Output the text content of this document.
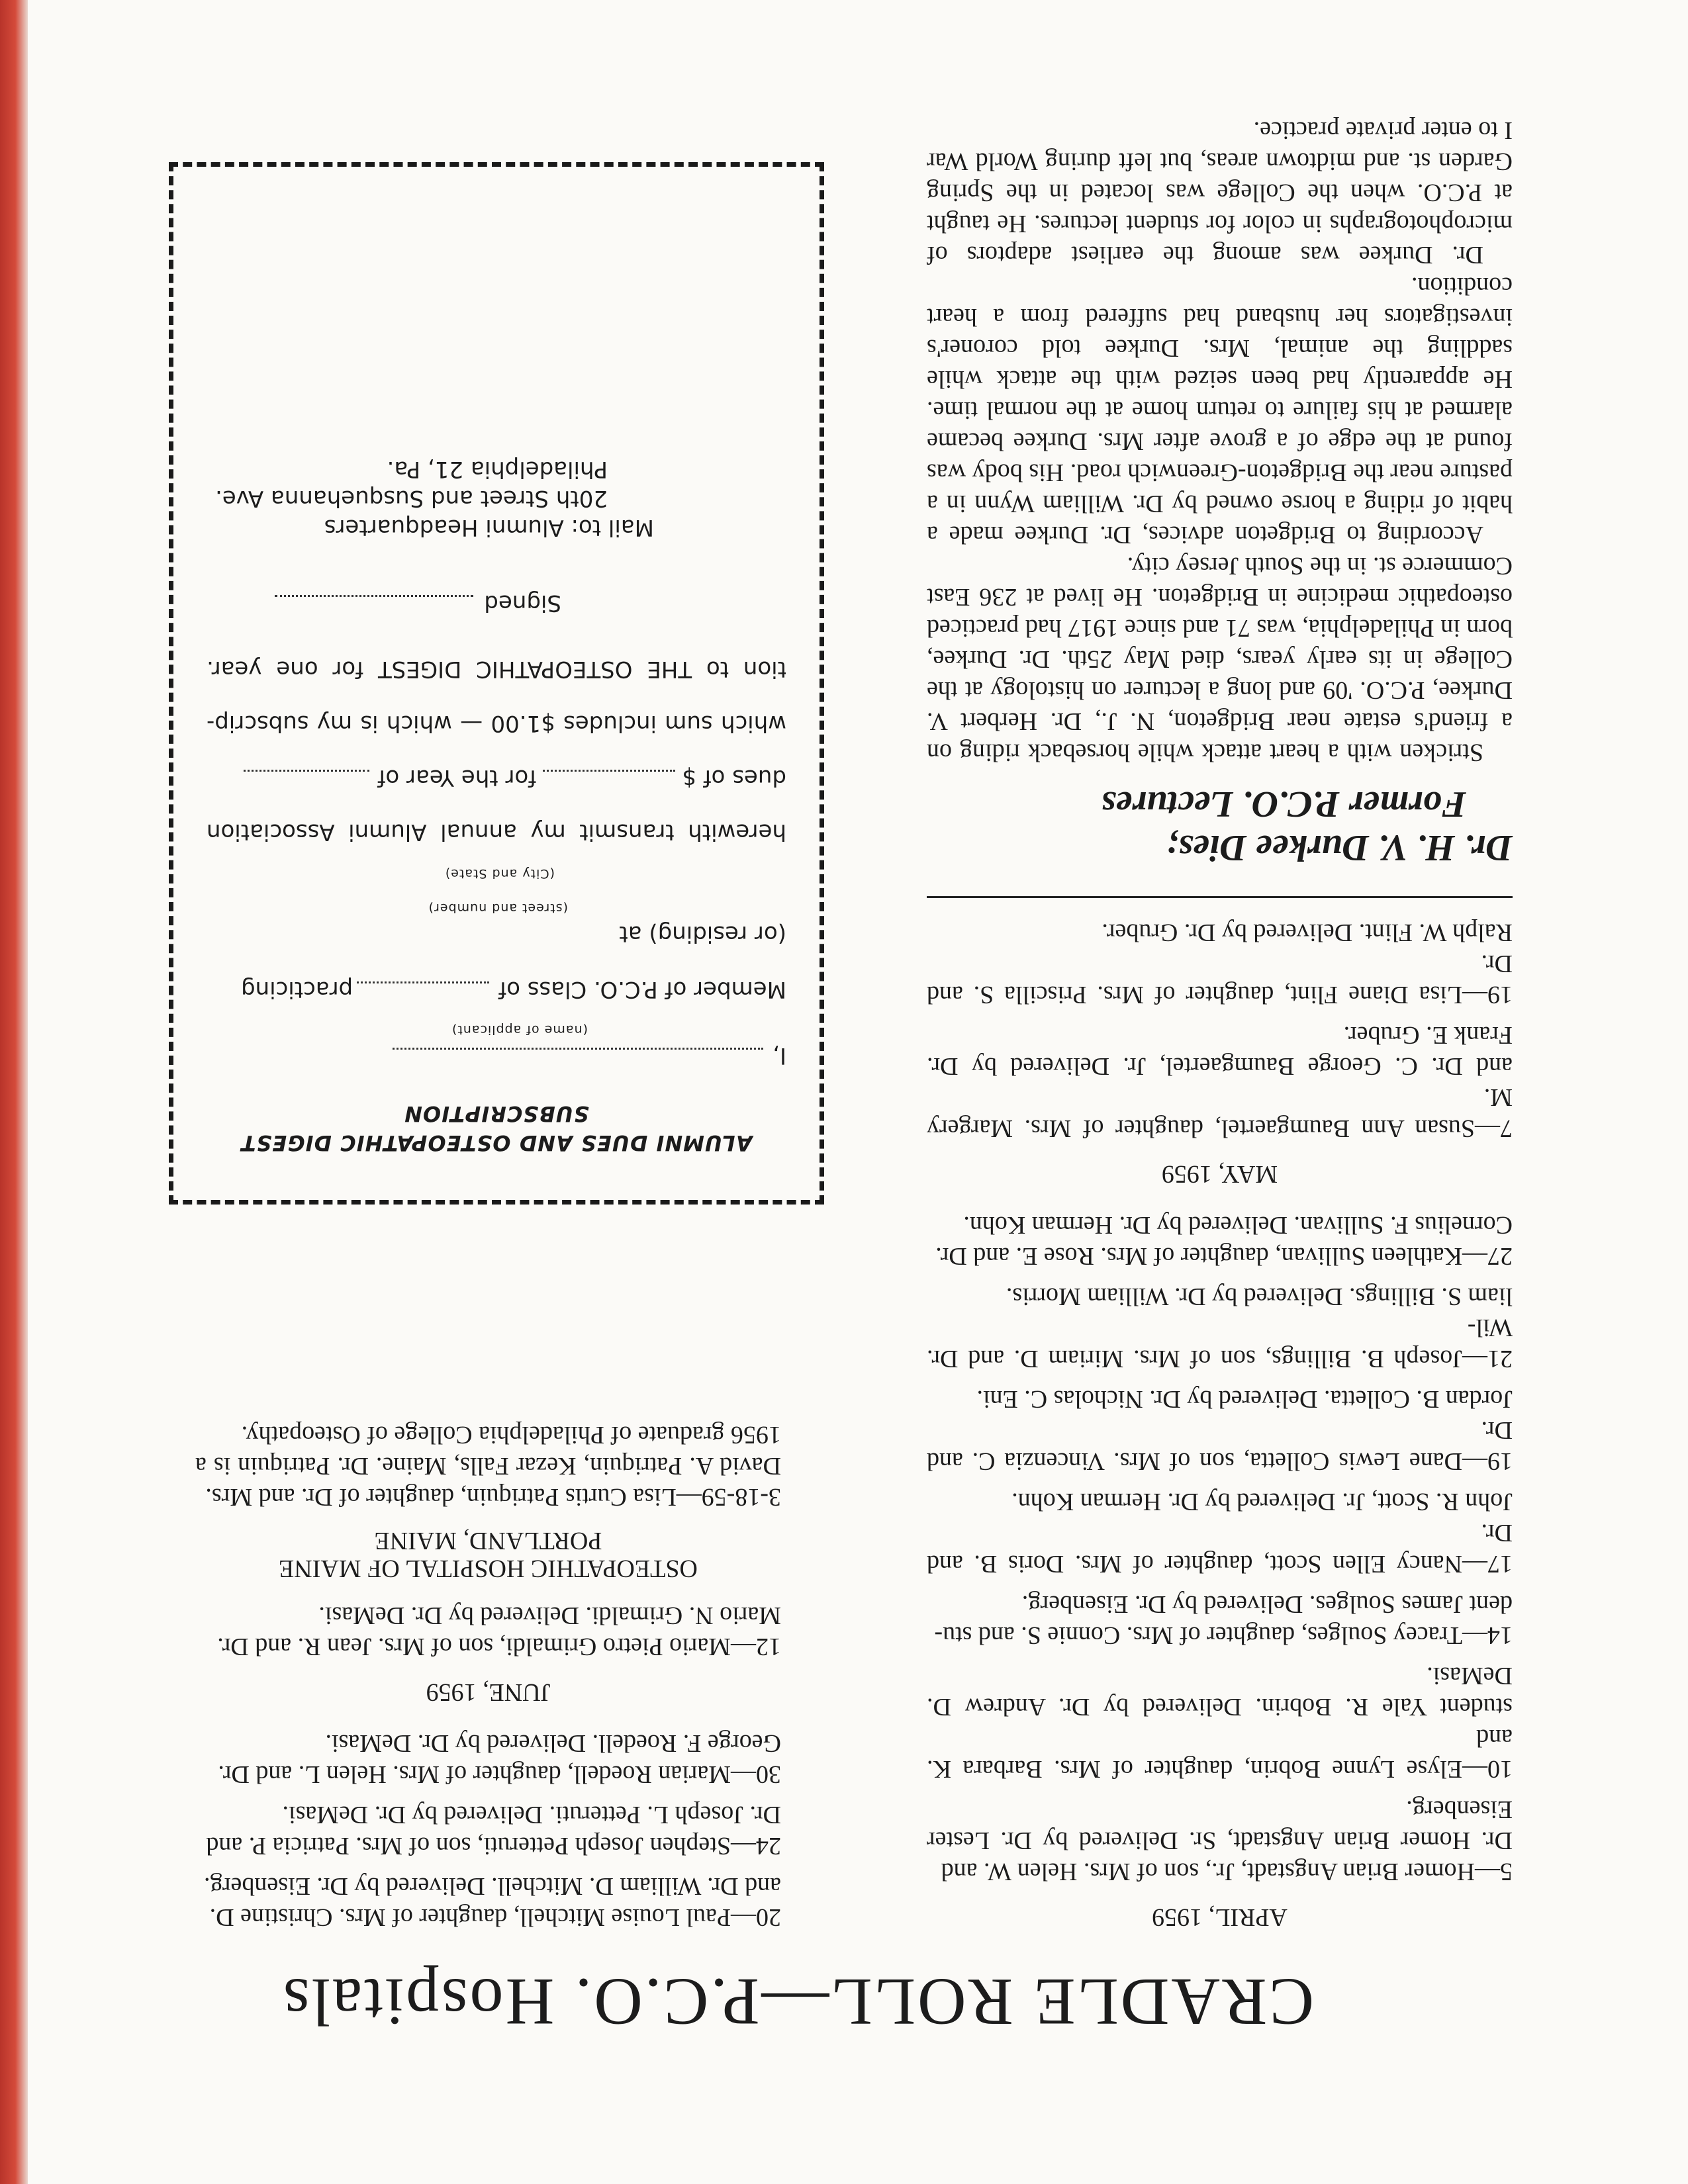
CRADLE ROLL—P.C.O. Hospitals
APRIL, 1959
5—Homer Brian Angstadt, Jr., son of Mrs. Helen W. and
Dr. Homer Brian Angstadt, Sr. Delivered by Dr. Lester Eisenberg.
10—Elyse Lynne Bobrin, daughter of Mrs. Barbara K. and
student Yale R. Bobrin. Delivered by Dr. Andrew D. DeMasi.
14—Tracey Soulges, daughter of Mrs. Connie S. and stu-
dent James Soulges. Delivered by Dr. Eisenberg.
17—Nancy Ellen Scott, daughter of Mrs. Doris B. and Dr.
John R. Scott, Jr. Delivered by Dr. Herman Kohn.
19—Dane Lewis Colletta, son of Mrs. Vincenzia C. and Dr.
Jordan B. Colletta. Delivered by Dr. Nicholas C. Eni.
21—Joseph B. Billings, son of Mrs. Miriam D. and Dr. Wil-
liam S. Billings. Delivered by Dr. William Morris.
27—Kathleen Sullivan, daughter of Mrs. Rose E. and Dr.
Cornelius F. Sullivan. Delivered by Dr. Herman Kohn.
MAY, 1959
7—Susan Ann Baumgaertel, daughter of Mrs. Margery M.
and Dr. C. George Baumgaertel, Jr. Delivered by Dr. Frank E. Gruber.
19—Lisa Diane Flint, daughter of Mrs. Priscilla S. and Dr.
Ralph W. Flint. Delivered by Dr. Gruber.
Dr. H. V. Durkee Dies;
Former P.C.O. Lectures

Stricken with a heart attack while horseback riding on a friend's estate near Bridgeton, N. J., Dr. Herbert V. Durkee, P.C.O. '09 and long a lecturer on histology at the College in its early years, died May 25th. Dr. Durkee, born in Philadelphia, was 71 and since 1917 had practiced osteopathic medicine in Bridgeton. He lived at 236 East Commerce st. in the South Jersey city.

According to Bridgeton advices, Dr. Durkee made a habit of riding a horse owned by Dr. William Wynn in a pasture near the Bridgeton-Greenwich road. His body was found at the edge of a grove after Mrs. Durkee became alarmed at his failure to return home at the normal time. He apparently had been seized with the attack while saddling the animal, Mrs. Durkee told coroner's investigators her husband had suffered from a heart condition.

Dr. Durkee was among the earliest adaptors of microphotographs in color for student lectures. He taught at P.C.O. when the College was located in the Spring Garden st. and midtown areas, but left during World War I to enter private practice.

20—Paul Louise Mitchell, daughter of Mrs. Christine D.
and Dr. William D. Mitchell. Delivered by Dr. Eisenberg.
24—Stephen Joseph Petteruti, son of Mrs. Patricia P. and
Dr. Joseph L. Petteruti. Delivered by Dr. DeMasi.
30—Marian Roedell, daughter of Mrs. Helen L. and Dr.
George F. Roedell. Delivered by Dr. DeMasi.
JUNE, 1959
12—Mario Pietro Grimaldi, son of Mrs. Jean R. and Dr.
Mario N. Grimaldi. Delivered by Dr. DeMasi.
OSTEOPATHIC HOSPITAL OF MAINE
PORTLAND, MAINE
3-18-59—Lisa Curtis Patriquin, daughter of Dr. and Mrs.
David A. Patriquin, Kezar Falls, Maine. Dr. Patriquin is a 1956 graduate of Philadelphia College of Osteopathy.
ALUMNI DUES AND OSTEOPATHIC DIGEST
SUBSCRIPTION
I,
(name of applicant)
Member of P.C.O. Class of
practicing
(or residing) at
(street and number)
(City and State)
herewith transmit my annual Alumni Association
dues of $
for the Year of
which sum includes $1.00 — which is my subscrip-
tion to THE OSTEOPATHIC DIGEST for one year.
Signed

Mail to: Alumni Headquarters

20th Street and Susquehanna Ave.

Philadelphia 21, Pa.
